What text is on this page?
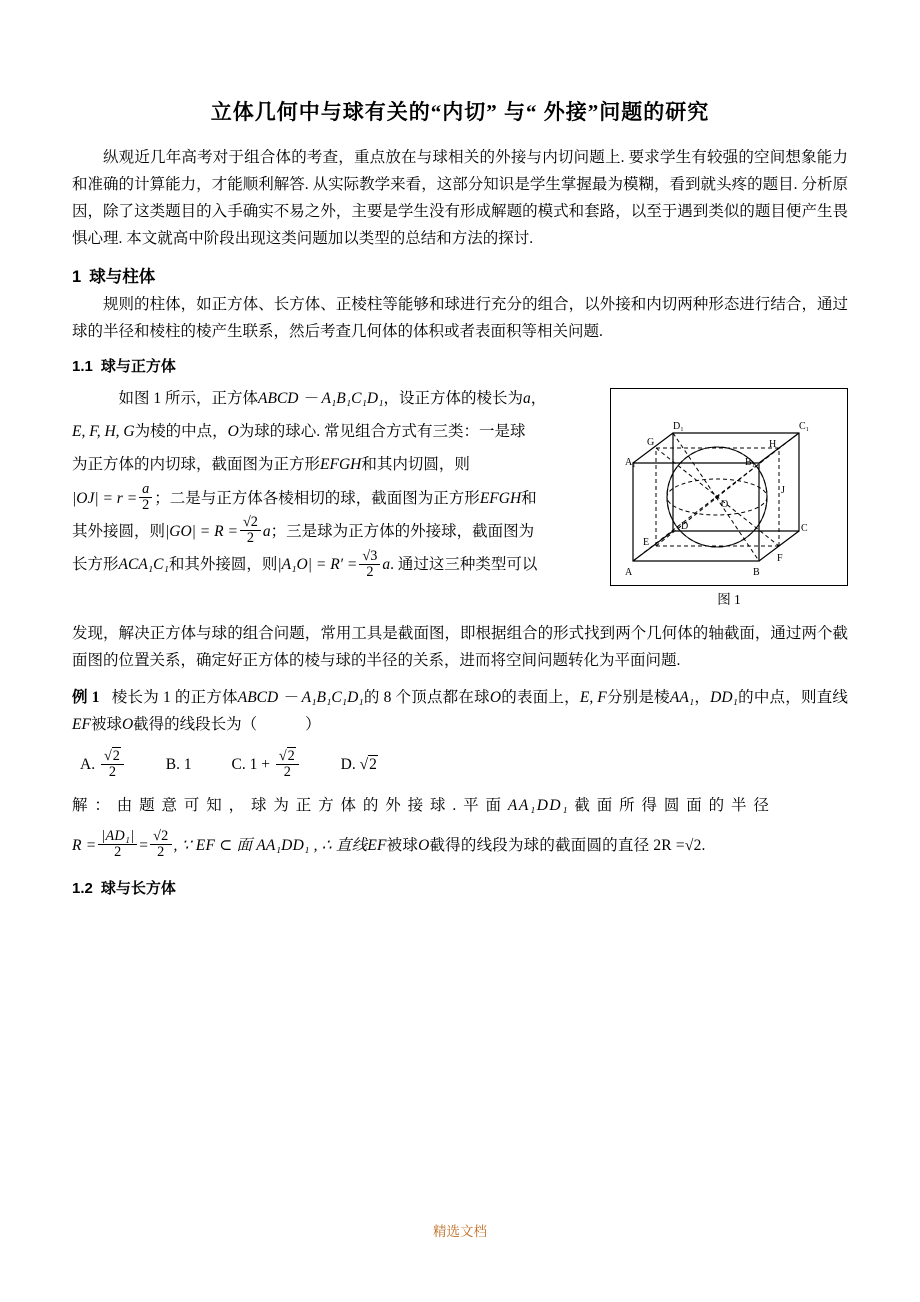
立体几何中与球有关的“内切” 与“ 外接”问题的研究

纵观近几年高考对于组合体的考查，重点放在与球相关的外接与内切问题上. 要求学生有较强的空间想象能力和准确的计算能力，才能顺利解答. 从实际教学来看，这部分知识是学生掌握最为模糊，看到就头疼的题目. 分析原因，除了这类题目的入手确实不易之外，主要是学生没有形成解题的模式和套路，以至于遇到类似的题目便产生畏惧心理. 本文就高中阶段出现这类问题加以类型的总结和方法的探讨.

1 球与柱体

规则的柱体，如正方体、长方体、正棱柱等能够和球进行充分的组合，以外接和内切两种形态进行结合，通过球的半径和棱柱的棱产生联系，然后考查几何体的体积或者表面积等相关问题.

1.1 球与正方体
D₁	C₁
G	H
A₁	B₁
O
J
D	C
E
F
A	B
图 1
如图 1 所示，正方体ABCD － A₁B₁C₁D₁，设正方体的棱长为a，
E, F, H, G为棱的中点，O为球的球心. 常见组合方式有三类：一是球
为正方体的内切球，截面图为正方形EFGH和其内切圆，则
$|OJ| = r = \frac{a}{2}$ ；二是与正方体各棱相切的球，截面图为正方形EFGH和
其外接圆，则$|GO| = R = \frac{√2}{2}$ a；三是球为正方体的外接球，截面图为
长方形ACA₁C₁和其外接圆，则$|A_1O| = R' = \frac{√3}{2} a$. 通过这三种类型可以

发现，解决正方体与球的组合问题，常用工具是截面图，即根据组合的形式找到两个几何体的轴截面，通过两个截面图的位置关系，确定好正方体的棱与球的半径的关系，进而将空间问题转化为平面问题.

例 1 棱长为 1 的正方体ABCD － A₁B₁C₁D₁的 8 个顶点都在球O的表面上，E, F分别是棱AA₁，DD₁的中点，则直线EF被球O截得的线段长为（	）

A. $\frac{√2}{2}$	B. 1	C. $1 + \frac{√2}{2}$	D. √2
解 ： 由 题 意 可 知 ， 球 为 正 方 体 的 外 接 球 . 平 面 AA₁DD₁ 截 面 所 得 圆 面 的 半 径
$R = \frac{\text{|AD₁|}}{2} = \frac{√2}{2}$ , ∵ EF ⊂ 面 AA₁DD₁ , ∴ 直线EF被球O截得的线段为球的截面圆的直径 2R =√2.
1.2 球与长方体
精选文档
